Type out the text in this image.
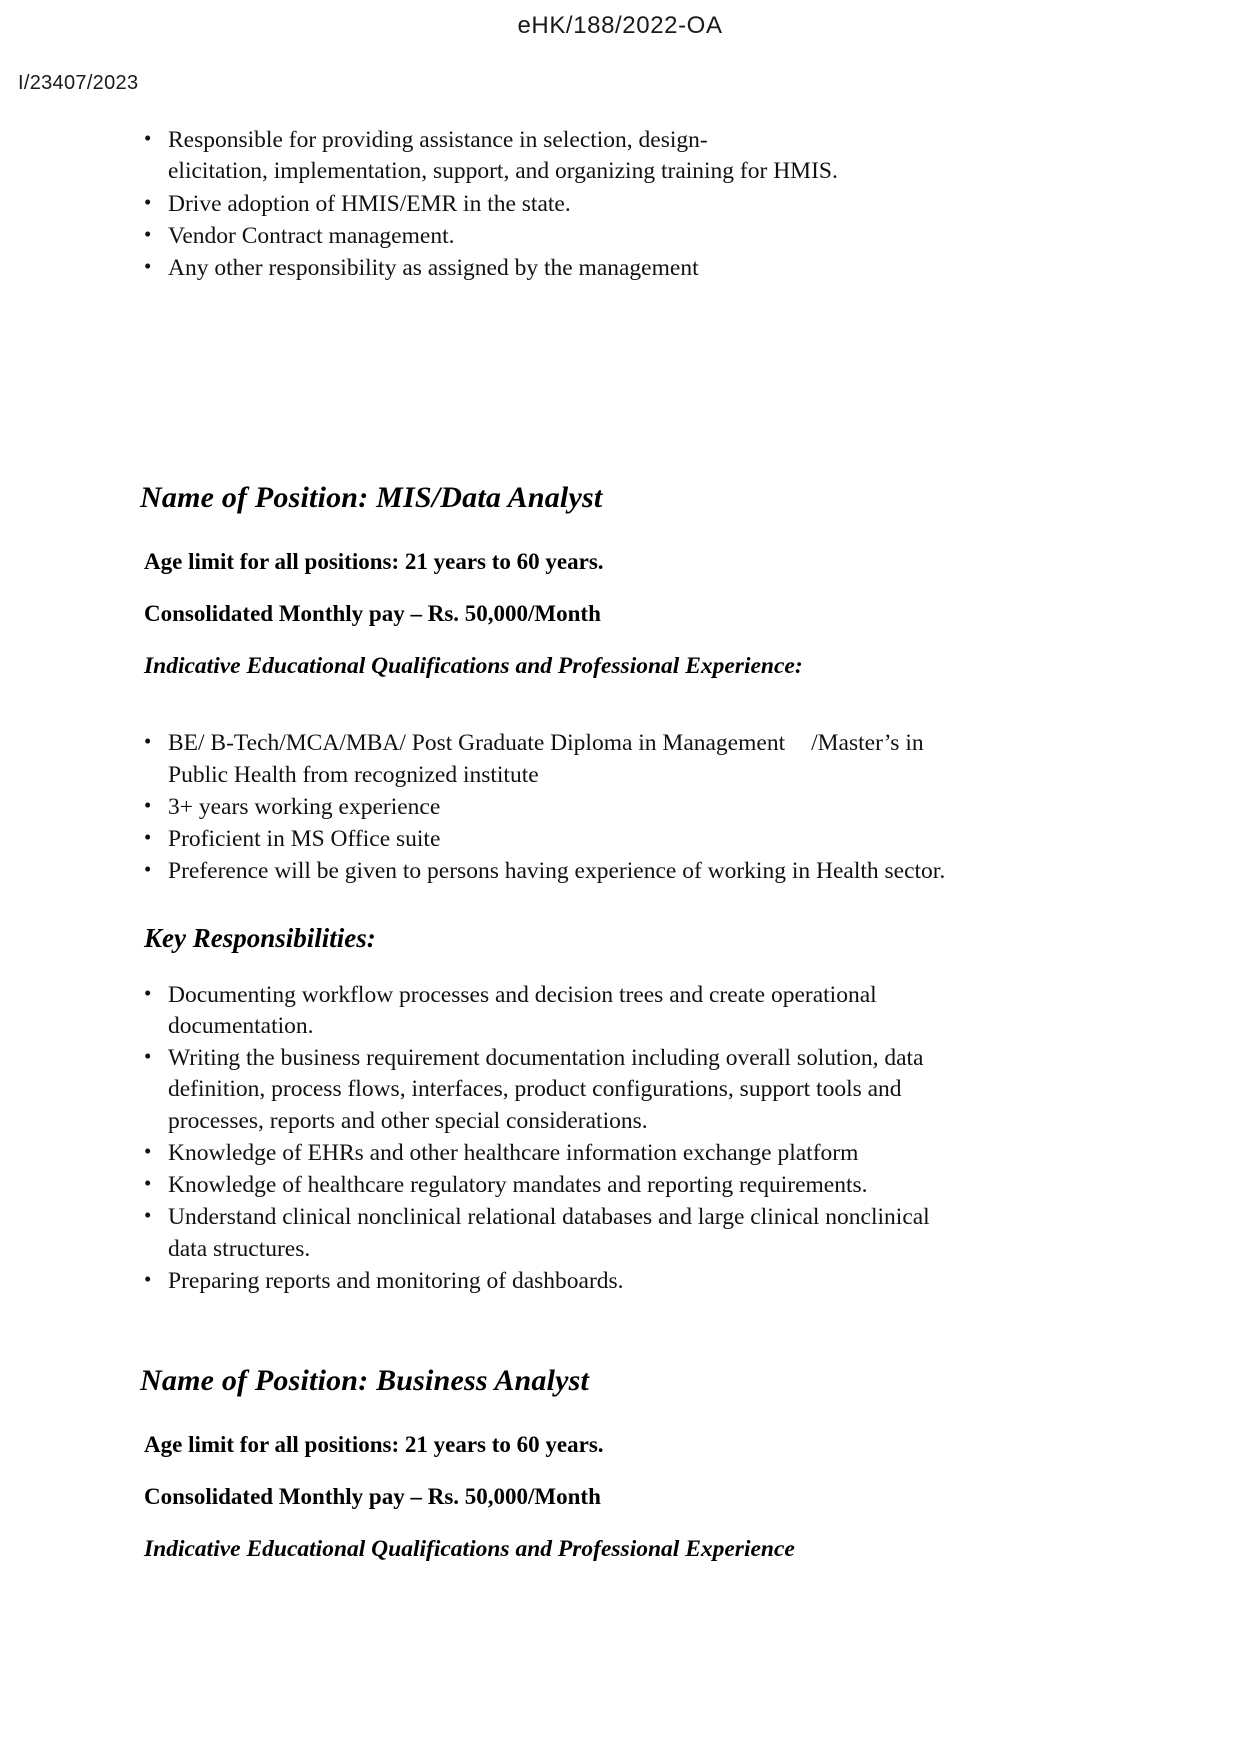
eHK/188/2022-OA
I/23407/2023
• Responsible for providing assistance in selection, design-
elicitation, implementation, support, and organizing training for HMIS.
• Drive adoption of HMIS/EMR in the state.
• Vendor Contract management.
• Any other responsibility as assigned by the management
Name of Position: MIS/Data Analyst

Age limit for all positions: 21 years to 60 years.

Consolidated Monthly pay – Rs. 50,000/Month

Indicative Educational Qualifications and Professional Experience:
• BE/ B-Tech/MCA/MBA/ Post Graduate Diploma in Management /Master’s in Public Health from recognized institute
• 3+ years working experience
• Proficient in MS Office suite
• Preference will be given to persons having experience of working in Health sector.

Key Responsibilities:

• Documenting workflow processes and decision trees and create operational documentation.
• Writing the business requirement documentation including overall solution, data definition, process flows, interfaces, product configurations, support tools and processes, reports and other special considerations.
• Knowledge of EHRs and other healthcare information exchange platform
• Knowledge of healthcare regulatory mandates and reporting requirements.
• Understand clinical nonclinical relational databases and large clinical nonclinical data structures.
• Preparing reports and monitoring of dashboards.
Name of Position: Business Analyst

Age limit for all positions: 21 years to 60 years.

Consolidated Monthly pay – Rs. 50,000/Month

Indicative Educational Qualifications and Professional Experience
